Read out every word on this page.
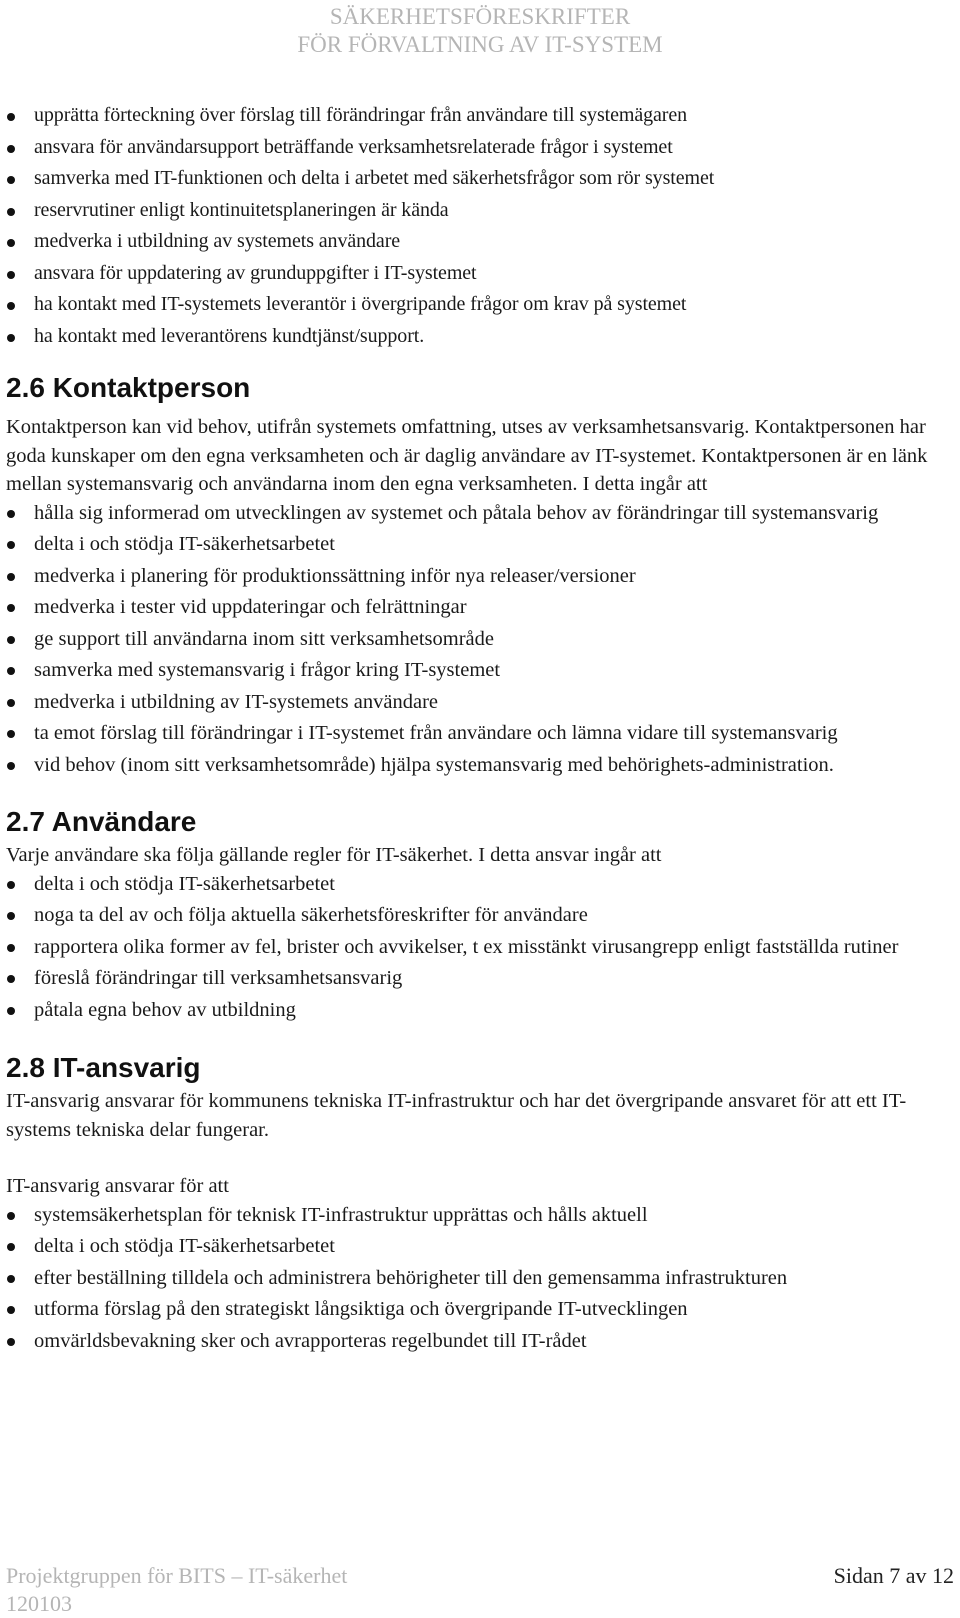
SÄKERHETSFÖRESKRIFTER
FÖR FÖRVALTNING AV IT-SYSTEM
upprätta förteckning över förslag till förändringar från användare till systemägaren
ansvara för användarsupport beträffande verksamhetsrelaterade frågor i systemet
samverka med IT-funktionen och delta i arbetet med säkerhetsfrågor som rör systemet
reservrutiner enligt kontinuitetsplaneringen är kända
medverka i utbildning av systemets användare
ansvara för uppdatering av grunduppgifter i IT-systemet
ha kontakt med IT-systemets leverantör i övergripande frågor om krav på systemet
ha kontakt med leverantörens kundtjänst/support.
2.6 Kontaktperson

Kontaktperson kan vid behov, utifrån systemets omfattning, utses av verksamhetsansvarig. Kontaktpersonen har goda kunskaper om den egna verksamheten och är daglig användare av IT-systemet. Kontaktpersonen är en länk mellan systemansvarig och användarna inom den egna verksamheten. I detta ingår att

hålla sig informerad om utvecklingen av systemet och påtala behov av förändringar till systemansvarig
delta i och stödja IT-säkerhetsarbetet
medverka i planering för produktionssättning inför nya releaser/versioner
medverka i tester vid uppdateringar och felrättningar
ge support till användarna inom sitt verksamhetsområde
samverka med systemansvarig i frågor kring IT-systemet
medverka i utbildning av IT-systemets användare
ta emot förslag till förändringar i IT-systemet från användare och lämna vidare till systemansvarig
vid behov (inom sitt verksamhetsområde) hjälpa systemansvarig med behörighets-administration.
2.7 Användare

Varje användare ska följa gällande regler för IT-säkerhet. I detta ansvar ingår att

delta i och stödja IT-säkerhetsarbetet
noga ta del av och följa aktuella säkerhetsföreskrifter för användare
rapportera olika former av fel, brister och avvikelser, t ex misstänkt virusangrepp enligt fastställda rutiner
föreslå förändringar till verksamhetsansvarig
påtala egna behov av utbildning
2.8 IT-ansvarig

IT-ansvarig ansvarar för kommunens tekniska IT-infrastruktur och har det övergripande ansvaret för att ett IT-systems tekniska delar fungerar.

IT-ansvarig ansvarar för att

systemsäkerhetsplan för teknisk IT-infrastruktur upprättas och hålls aktuell
delta i och stödja IT-säkerhetsarbetet
efter beställning tilldela och administrera behörigheter till den gemensamma infrastrukturen
utforma förslag på den strategiskt långsiktiga och övergripande IT-utvecklingen
omvärldsbevakning sker och avrapporteras regelbundet till IT-rådet
Projektgruppen för BITS – IT-säkerhet
120103
Sidan 7 av 12
